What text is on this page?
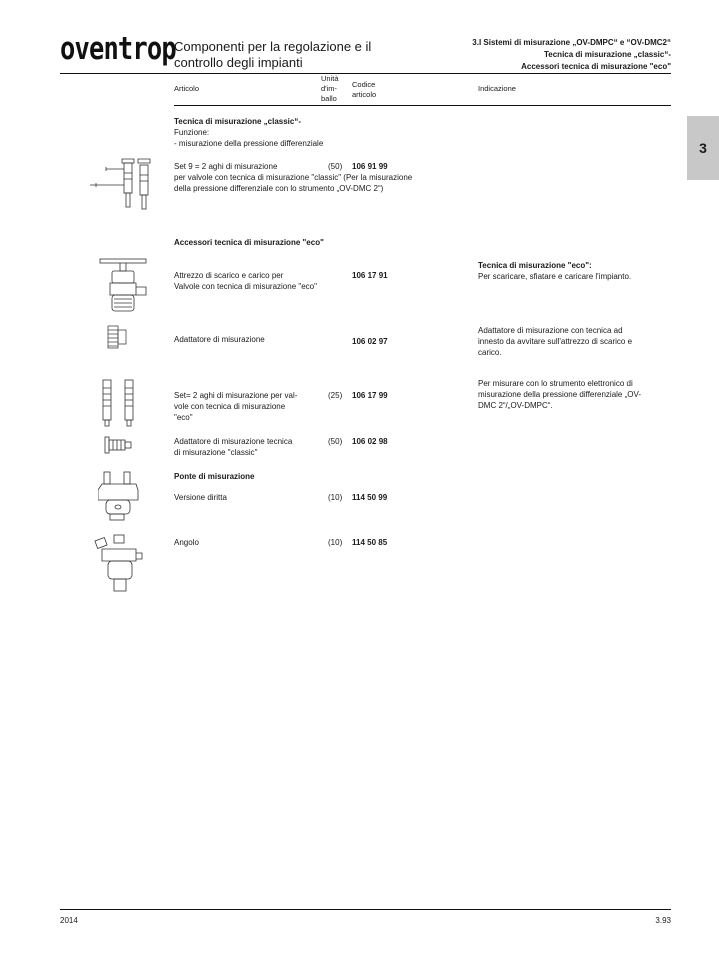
oventrop
Componenti per la regolazione e il controllo degli impianti
3.I Sistemi di misurazione „OV-DMPC“ e “OV-DMC2“
Tecnica di misurazione „classic“-
Accessori tecnica di misurazione "eco"
Articolo
Unità
d'im-
ballo
Codice
articolo
Indicazione
3
Tecnica di misurazione „classic“-
Funzione:
- misurazione della pressione differenziale
Set 9 = 2 aghi di misurazione
per valvole con tecnica di misurazione "classic" (Per la misurazione
della pressione differenziale con lo strumento „OV-DMC 2“)
(50) 106 91 99
Accessori tecnica di misurazione "eco"
Attrezzo di scarico e carico per
Valvole con tecnica di misurazione "eco"
106 17 91
Tecnica di misurazione "eco":
Per scaricare, sfiatare e caricare l'impianto.
Adattatore di misurazione	106 02 97
Adattatore di misurazione con tecnica ad
innesto da avvitare sull'attrezzo di scarico e
carico.
Set= 2 aghi di misurazione per val-
vole con tecnica di misurazione
"eco"
(25) 106 17 99
Per misurare con lo strumento elettronico di
misurazione della pressione differenziale „OV-
DMC 2“/„OV-DMPC“.
Adattatore di misurazione tecnica
di misurazione "classic"
(50) 106 02 98
Ponte di misurazione
Versione diritta	(10) 114 50 99
Angolo	(10) 114 50 85
2014	3.93
